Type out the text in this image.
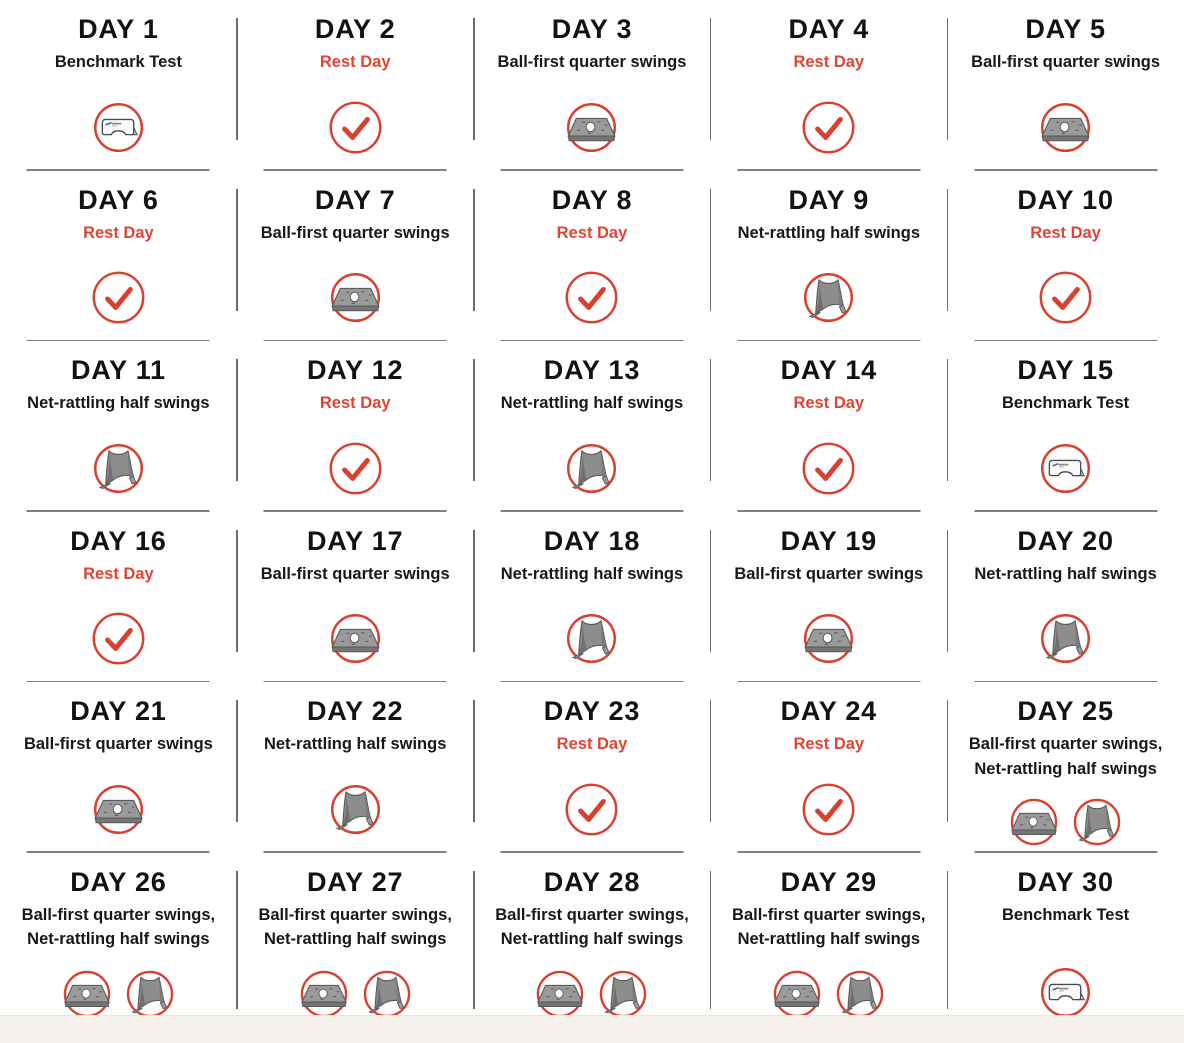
DAY 1
Benchmark Test
DAY 2
Rest Day
DAY 3
Ball-first quarter swings
DAY 4
Rest Day
DAY 5
Ball-first quarter swings
DAY 6
Rest Day
DAY 7
Ball-first quarter swings
DAY 8
Rest Day
DAY 9
Net-rattling half swings
DAY 10
Rest Day
DAY 11
Net-rattling half swings
DAY 12
Rest Day
DAY 13
Net-rattling half swings
DAY 14
Rest Day
DAY 15
Benchmark Test
DAY 16
Rest Day
DAY 17
Ball-first quarter swings
DAY 18
Net-rattling half swings
DAY 19
Ball-first quarter swings
DAY 20
Net-rattling half swings
DAY 21
Ball-first quarter swings
DAY 22
Net-rattling half swings
DAY 23
Rest Day
DAY 24
Rest Day
DAY 25
Ball-first quarter swings,
Net-rattling half swings
DAY 26
Ball-first quarter swings,
Net-rattling half swings
DAY 27
Ball-first quarter swings,
Net-rattling half swings
DAY 28
Ball-first quarter swings,
Net-rattling half swings
DAY 29
Ball-first quarter swings,
Net-rattling half swings
DAY 30
Benchmark Test
